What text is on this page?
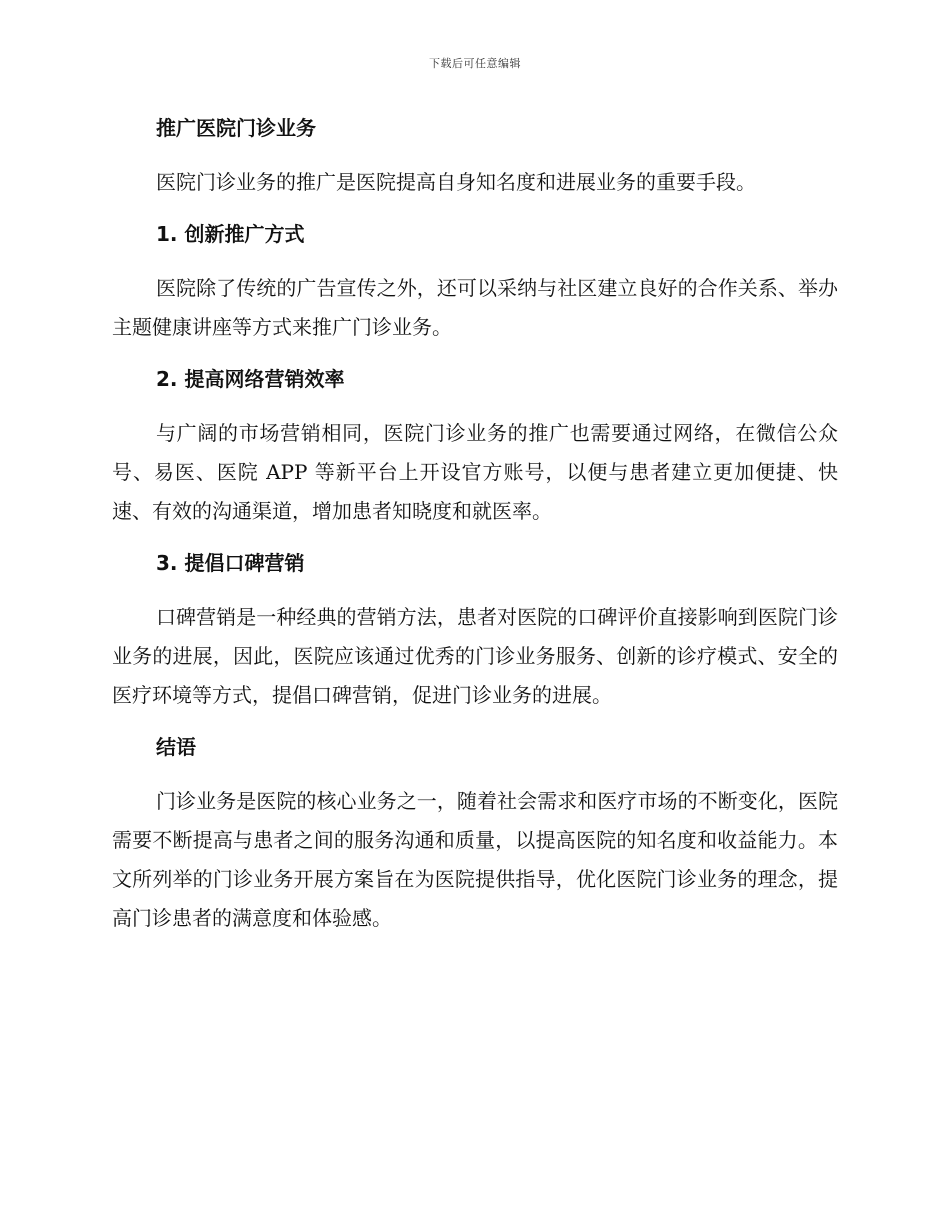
下载后可任意编辑
推广医院门诊业务

医院门诊业务的推广是医院提高自身知名度和进展业务的重要手段。

1. 创新推广方式

医院除了传统的广告宣传之外，还可以采纳与社区建立良好的合作关系、举办主题健康讲座等方式来推广门诊业务。

2. 提高网络营销效率

与广阔的市场营销相同，医院门诊业务的推广也需要通过网络，在微信公众号、易医、医院 APP 等新平台上开设官方账号，以便与患者建立更加便捷、快速、有效的沟通渠道，增加患者知晓度和就医率。

3. 提倡口碑营销

口碑营销是一种经典的营销方法，患者对医院的口碑评价直接影响到医院门诊业务的进展，因此，医院应该通过优秀的门诊业务服务、创新的诊疗模式、安全的医疗环境等方式，提倡口碑营销，促进门诊业务的进展。

结语

门诊业务是医院的核心业务之一，随着社会需求和医疗市场的不断变化，医院需要不断提高与患者之间的服务沟通和质量，以提高医院的知名度和收益能力。本文所列举的门诊业务开展方案旨在为医院提供指导，优化医院门诊业务的理念，提高门诊患者的满意度和体验感。
